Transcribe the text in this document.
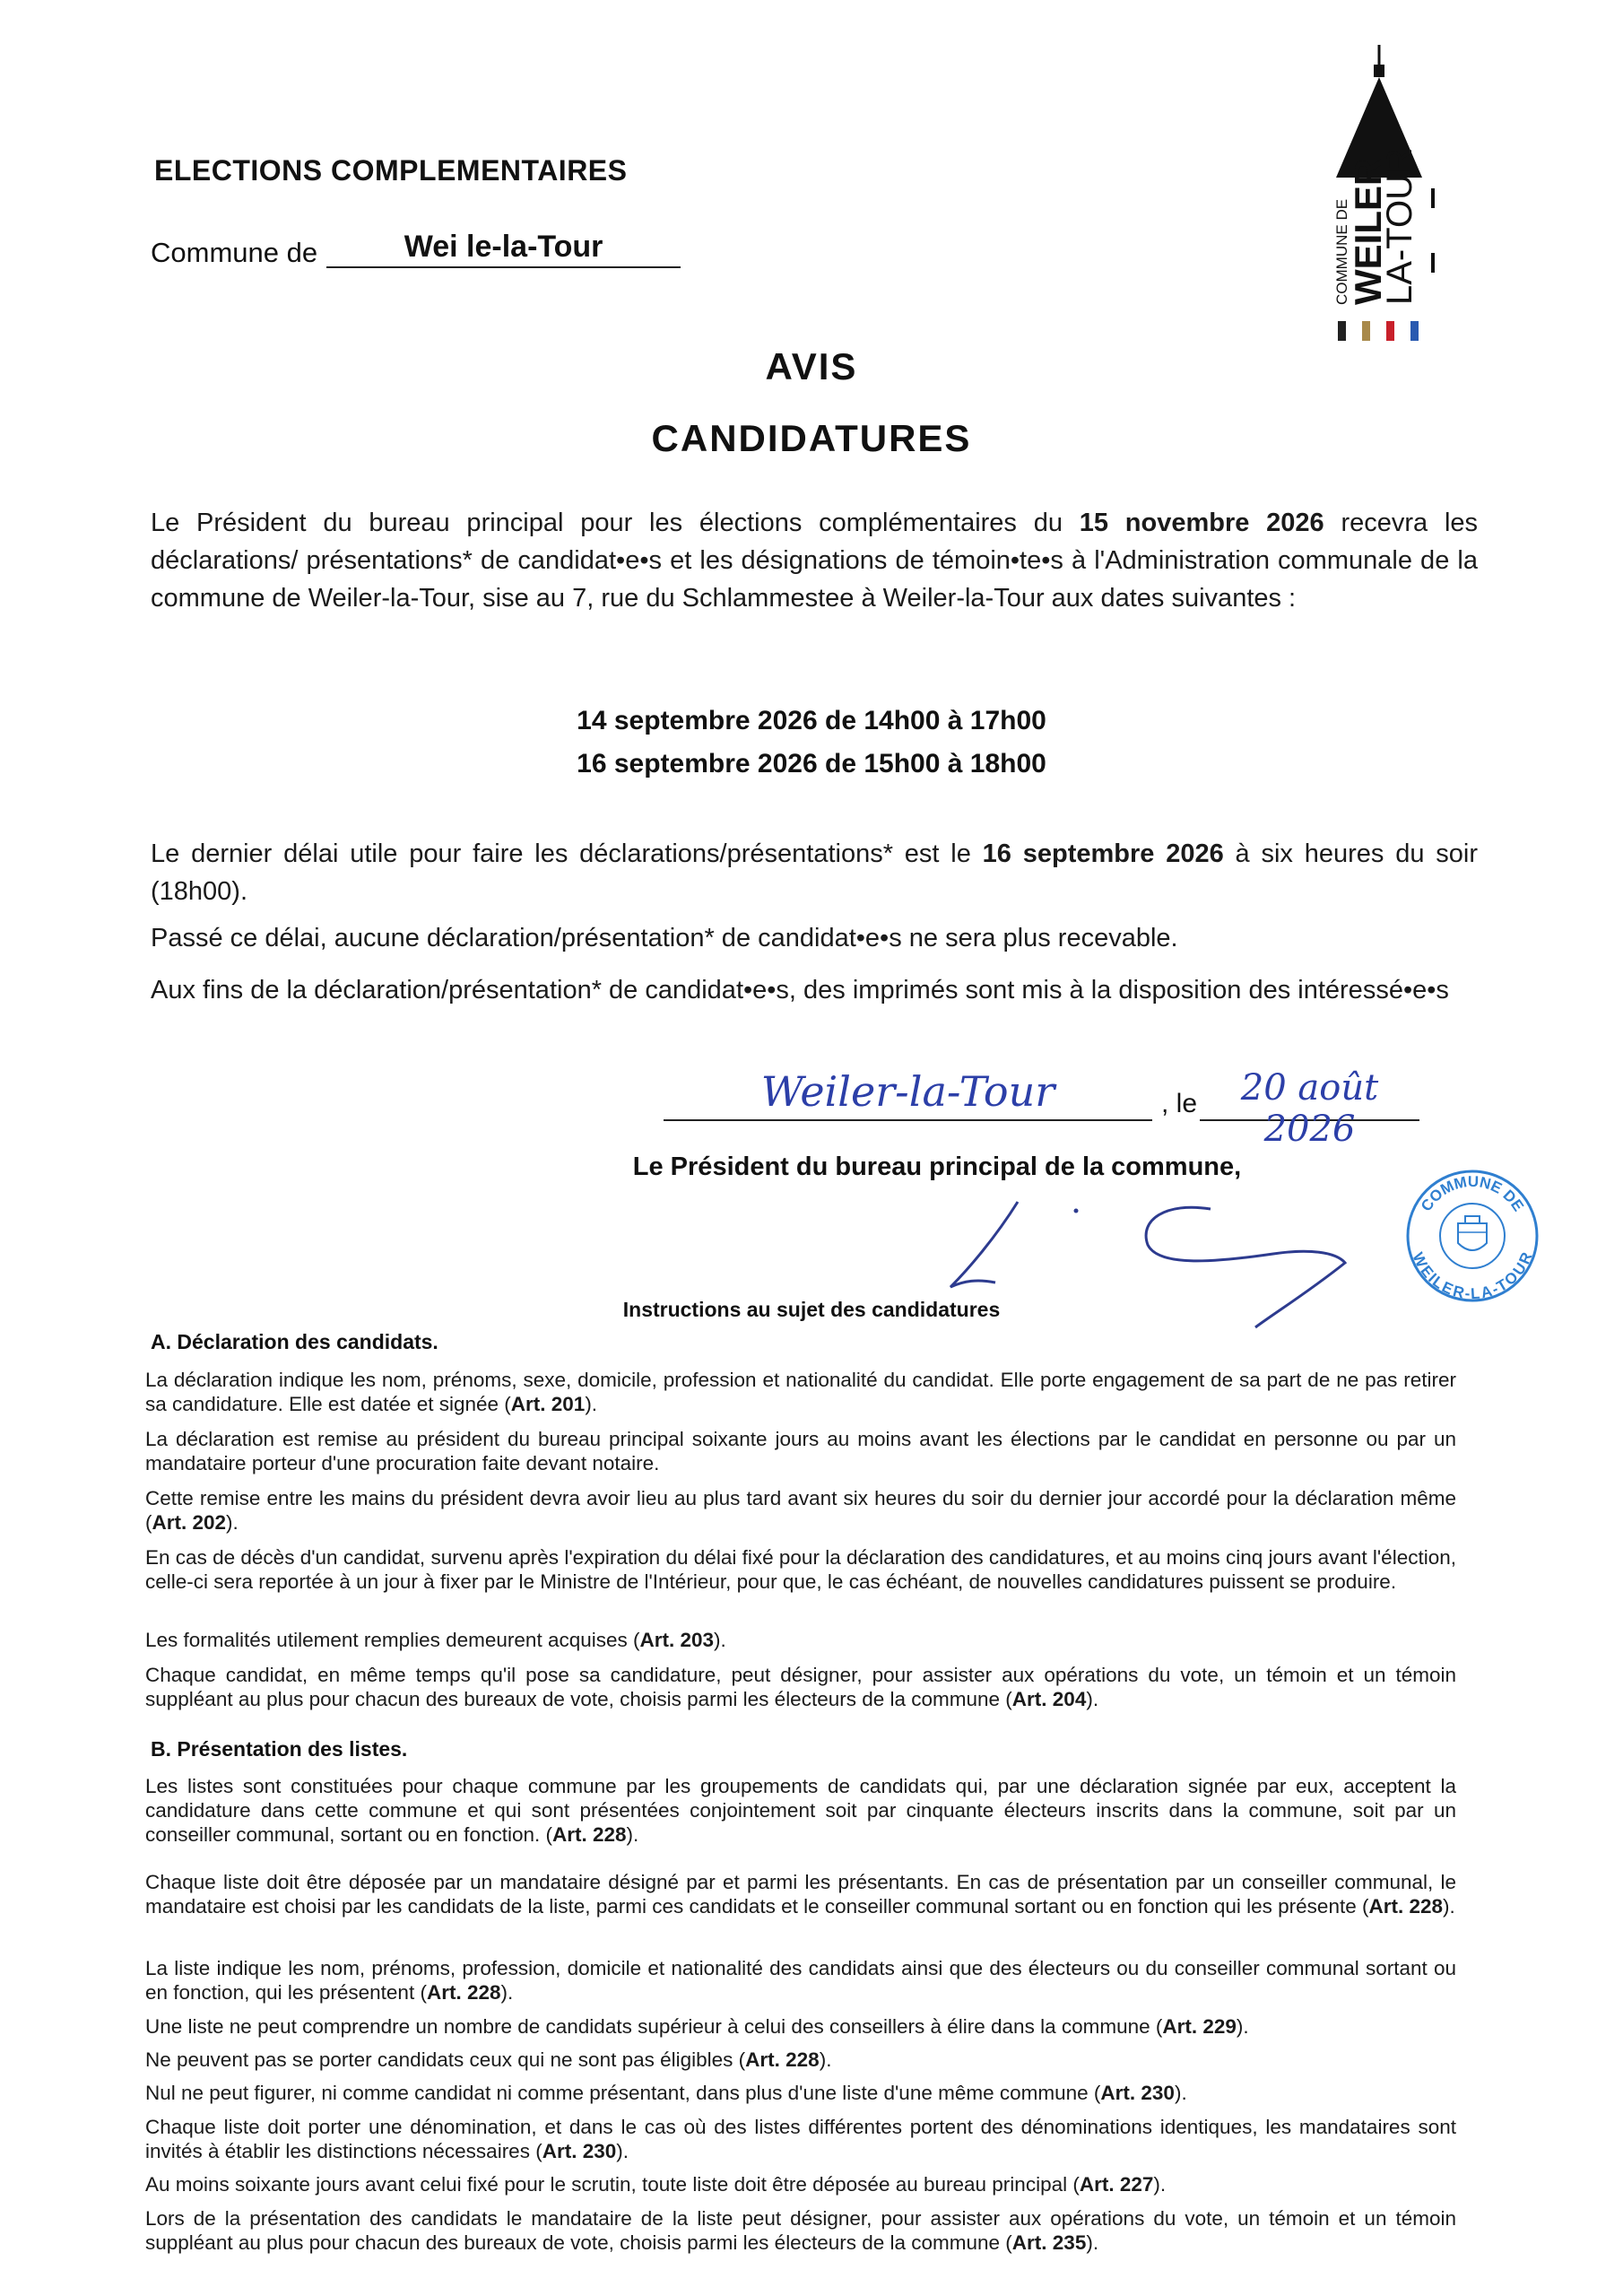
ELECTIONS COMPLEMENTAIRES
Commune de	Wei le-la-Tour	COMMUNE DE
WEILER
LA-TOUR
AVIS
CANDIDATURES
Le Président du bureau principal pour les élections complémentaires du 15 novembre 2026 recevra les déclarations/ présentations* de candidat•e•s et les désignations de témoin•te•s à l'Administration communale de la commune de Weiler-la-Tour, sise au 7, rue du Schlammestee à Weiler-la-Tour aux dates suivantes :
14 septembre 2026 de 14h00 à 17h00
16 septembre 2026 de 15h00 à 18h00
Le dernier délai utile pour faire les déclarations/présentations* est le 16 septembre 2026 à six heures du soir (18h00).
Passé ce délai, aucune déclaration/présentation* de candidat•e•s ne sera plus recevable.
Aux fins de la déclaration/présentation* de candidat•e•s, des imprimés sont mis à la disposition des intéressé•e•s
Weiler-la-Tour	, le	20 août 2026
Le Président du bureau principal de la commune,
COMMUNE DE
WEILER-LA-TOUR
Instructions au sujet des candidatures
A. Déclaration des candidats.
La déclaration indique les nom, prénoms, sexe, domicile, profession et nationalité du candidat. Elle porte engagement de sa part de ne pas retirer sa candidature. Elle est datée et signée (Art. 201).
La déclaration est remise au président du bureau principal soixante jours au moins avant les élections par le candidat en personne ou par un mandataire porteur d'une procuration faite devant notaire.
Cette remise entre les mains du président devra avoir lieu au plus tard avant six heures du soir du dernier jour accordé pour la déclaration même (Art. 202).
En cas de décès d'un candidat, survenu après l'expiration du délai fixé pour la déclaration des candidatures, et au moins cinq jours avant l'élection, celle-ci sera reportée à un jour à fixer par le Ministre de l'Intérieur, pour que, le cas échéant, de nouvelles candidatures puissent se produire.
Les formalités utilement remplies demeurent acquises (Art. 203).
Chaque candidat, en même temps qu'il pose sa candidature, peut désigner, pour assister aux opérations du vote, un témoin et un témoin suppléant au plus pour chacun des bureaux de vote, choisis parmi les électeurs de la commune (Art. 204).
B. Présentation des listes.
Les listes sont constituées pour chaque commune par les groupements de candidats qui, par une déclaration signée par eux, acceptent la candidature dans cette commune et qui sont présentées conjointement soit par cinquante électeurs inscrits dans la commune, soit par un conseiller communal, sortant ou en fonction. (Art. 228).
Chaque liste doit être déposée par un mandataire désigné par et parmi les présentants. En cas de présentation par un conseiller communal, le mandataire est choisi par les candidats de la liste, parmi ces candidats et le conseiller communal sortant ou en fonction qui les présente (Art. 228).
La liste indique les nom, prénoms, profession, domicile et nationalité des candidats ainsi que des électeurs ou du conseiller communal sortant ou en fonction, qui les présentent (Art. 228).
Une liste ne peut comprendre un nombre de candidats supérieur à celui des conseillers à élire dans la commune (Art. 229).
Ne peuvent pas se porter candidats ceux qui ne sont pas éligibles (Art. 228).
Nul ne peut figurer, ni comme candidat ni comme présentant, dans plus d'une liste d'une même commune (Art. 230).
Chaque liste doit porter une dénomination, et dans le cas où des listes différentes portent des dénominations identiques, les mandataires sont invités à établir les distinctions nécessaires (Art. 230).
Au moins soixante jours avant celui fixé pour le scrutin, toute liste doit être déposée au bureau principal (Art. 227).
Lors de la présentation des candidats le mandataire de la liste peut désigner, pour assister aux opérations du vote, un témoin et un témoin suppléant au plus pour chacun des bureaux de vote, choisis parmi les électeurs de la commune (Art. 235).
